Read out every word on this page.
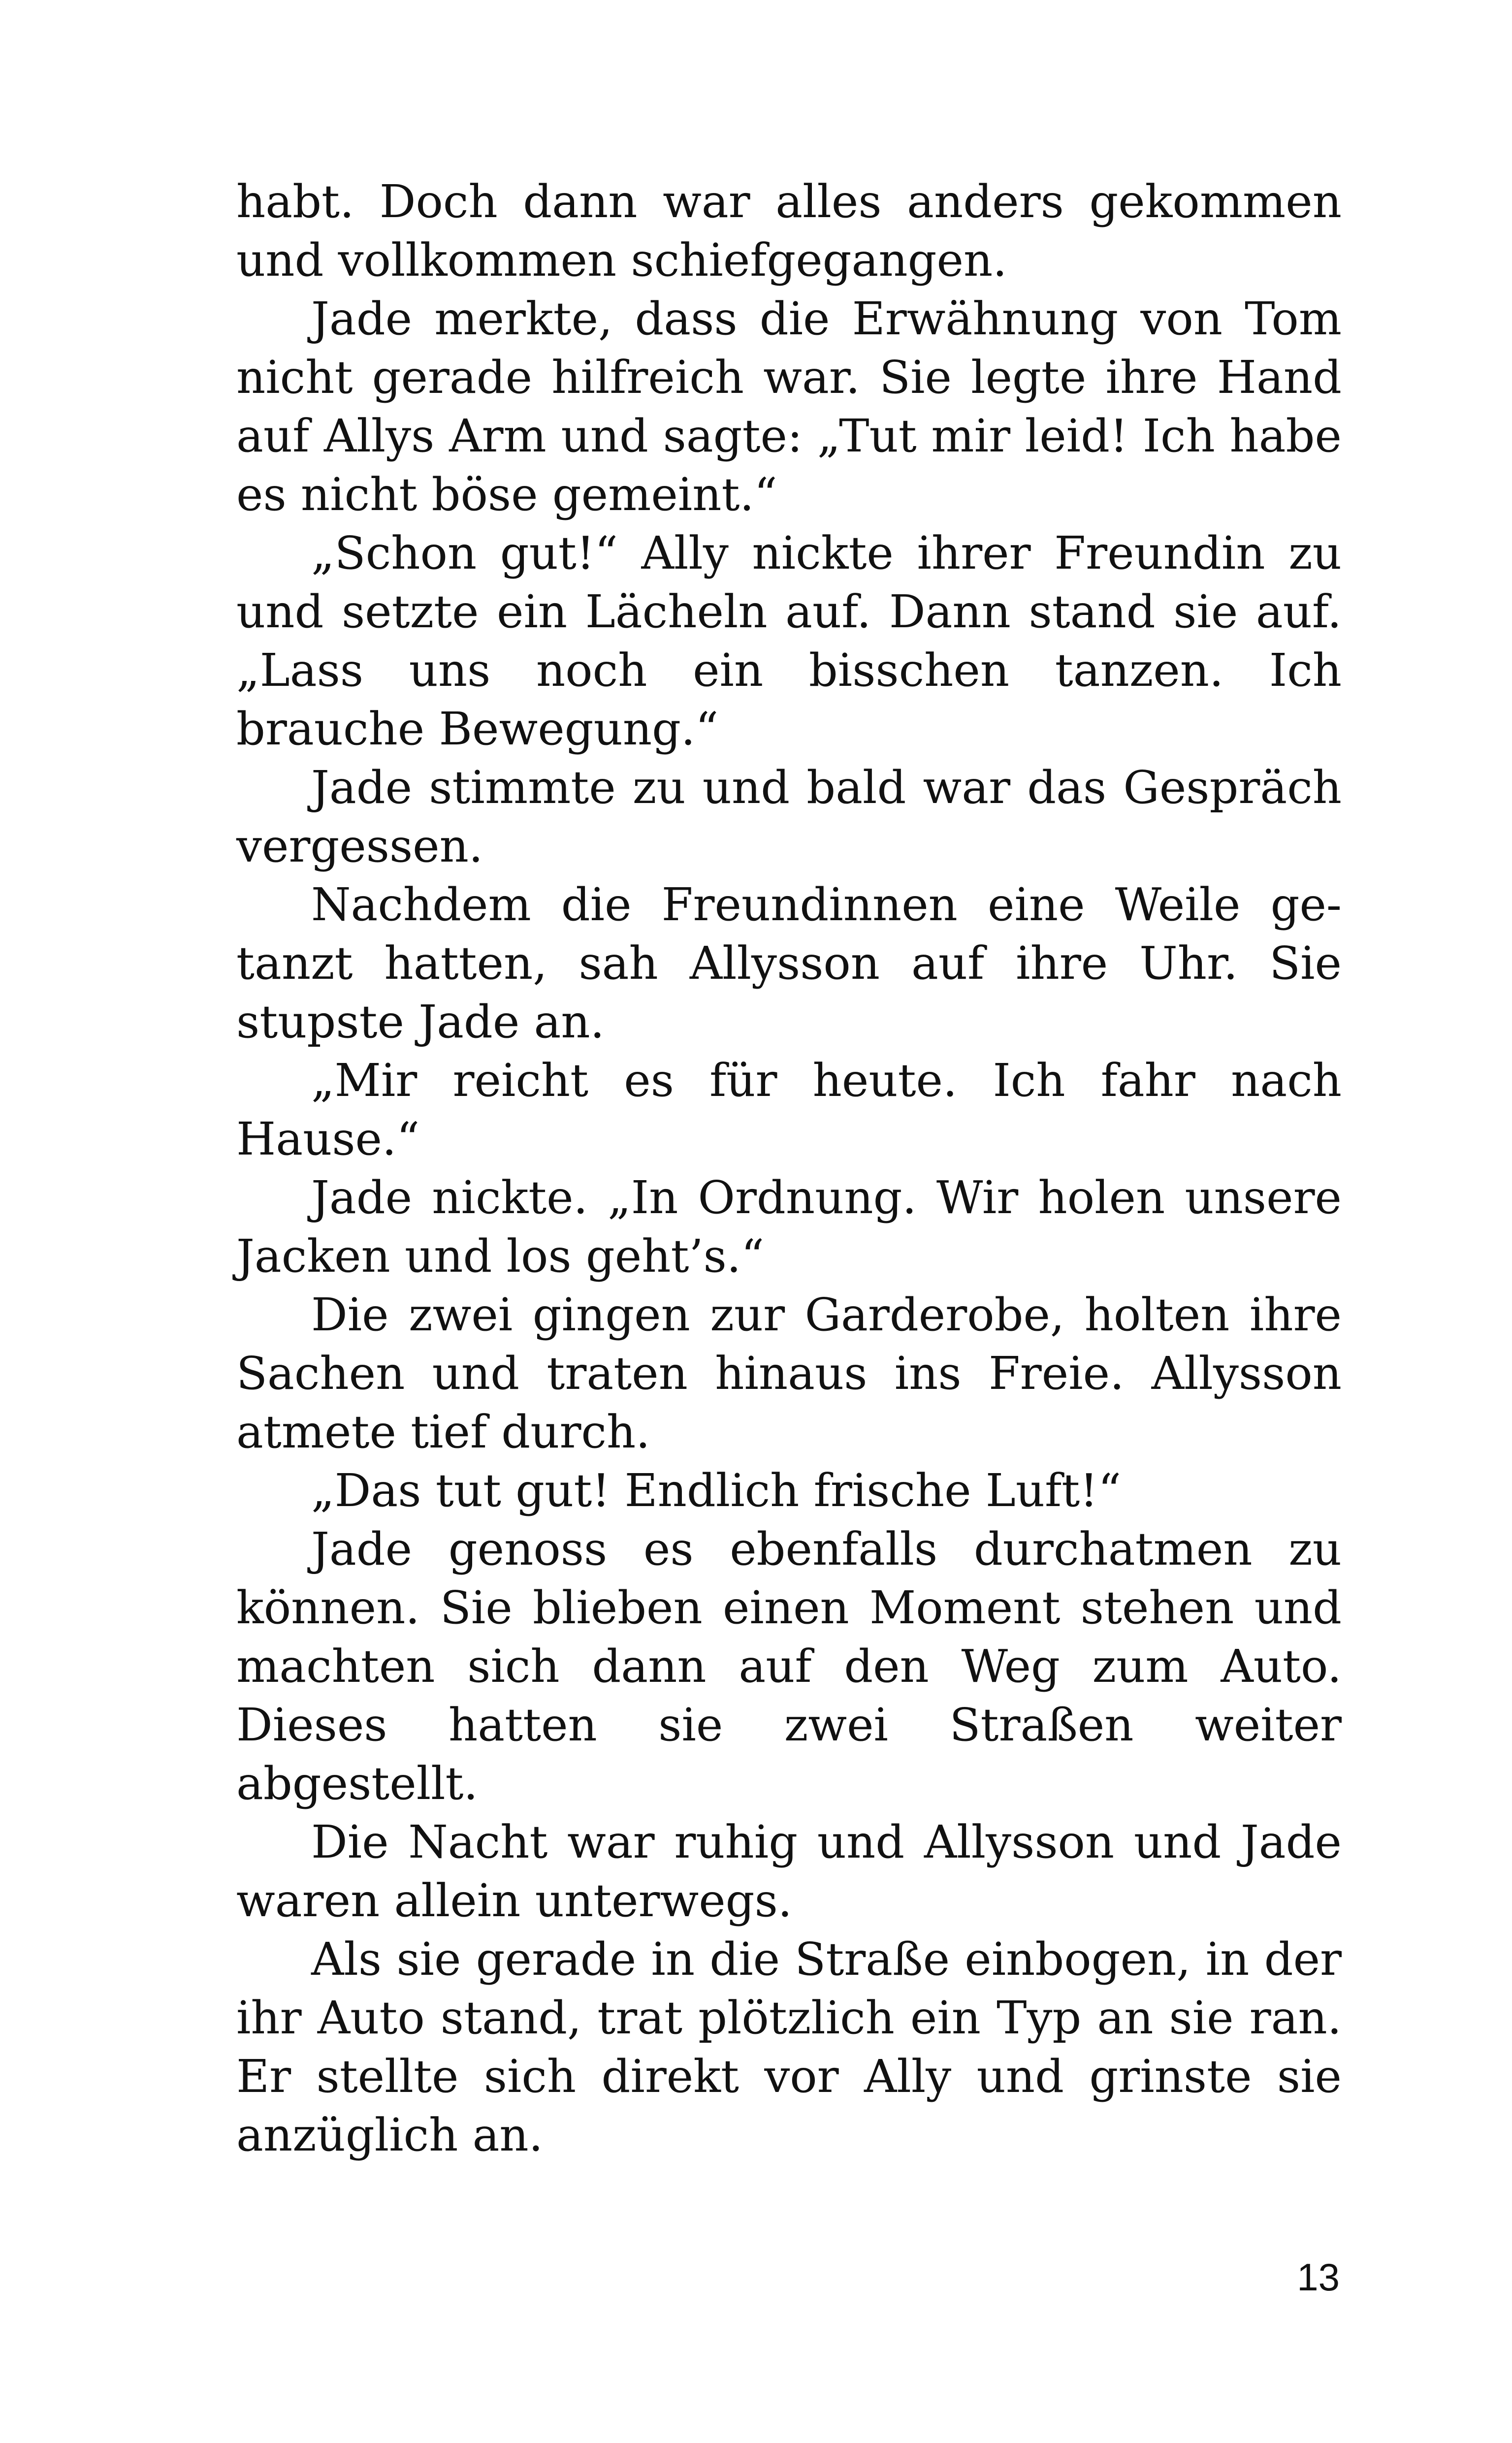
habt. Doch dann war alles anders gekommen und vollkommen schiefgegangen.

Jade merkte, dass die Erwähnung von Tom nicht gerade hilfreich war. Sie legte ihre Hand auf Allys Arm und sagte: „Tut mir leid! Ich habe es nicht böse gemeint.“

„Schon gut!“ Ally nickte ihrer Freundin zu und setzte ein Lächeln auf. Dann stand sie auf. „Lass uns noch ein bisschen tanzen. Ich brauche Bewegung.“

Jade stimmte zu und bald war das Gespräch vergessen.

Nachdem die Freundinnen eine Weile getanzt hatten, sah Allysson auf ihre Uhr. Sie stupste Jade an.

„Mir reicht es für heute. Ich fahr nach Hause.“

Jade nickte. „In Ordnung. Wir holen unsere Jacken und los geht’s.“

Die zwei gingen zur Garderobe, holten ihre Sachen und traten hinaus ins Freie. Allysson atmete tief durch.

„Das tut gut! Endlich frische Luft!“

Jade genoss es ebenfalls durchatmen zu können. Sie blieben einen Moment stehen und machten sich dann auf den Weg zum Auto. Dieses hatten sie zwei Straßen weiter abgestellt.

Die Nacht war ruhig und Allysson und Jade waren allein unterwegs.

Als sie gerade in die Straße einbogen, in der ihr Auto stand, trat plötzlich ein Typ an sie ran. Er stellte sich direkt vor Ally und grinste sie anzüglich an.

13
